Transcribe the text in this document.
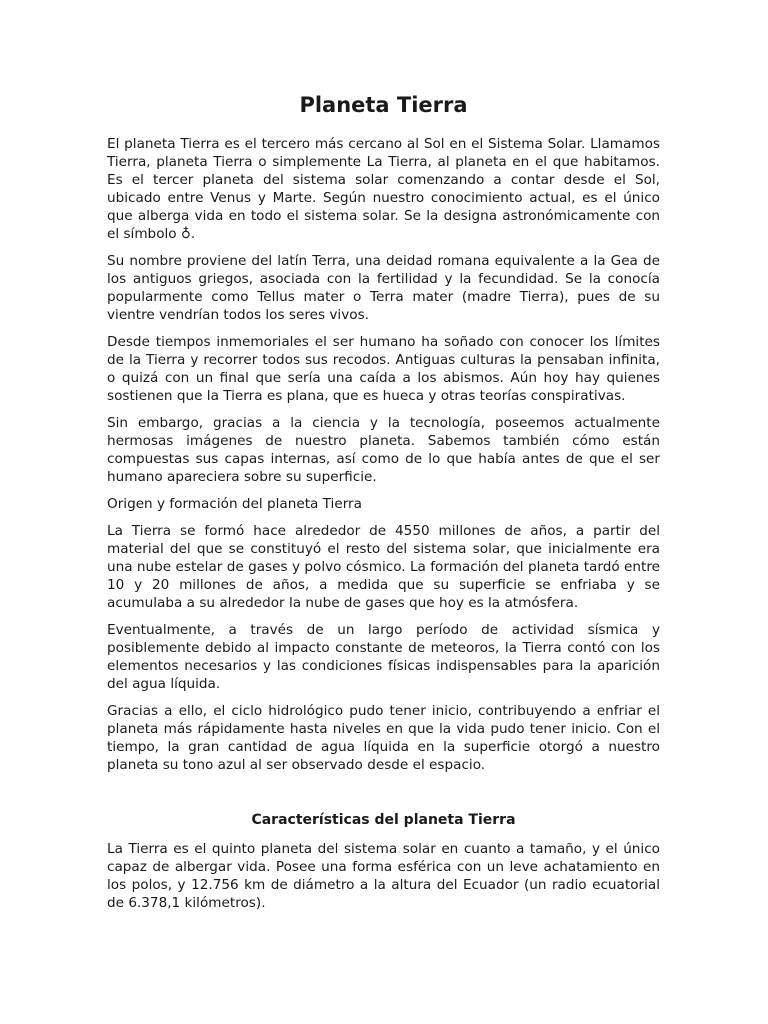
Planeta Tierra

El planeta Tierra es el tercero más cercano al Sol en el Sistema Solar. Llamamos Tierra, planeta Tierra o simplemente La Tierra, al planeta en el que habitamos. Es el tercer planeta del sistema solar comenzando a contar desde el Sol, ubicado entre Venus y Marte. Según nuestro conocimiento actual, es el único que alberga vida en todo el sistema solar. Se la designa astronómicamente con el símbolo ♁.

Su nombre proviene del latín Terra, una deidad romana equivalente a la Gea de los antiguos griegos, asociada con la fertilidad y la fecundidad. Se la conocía popularmente como Tellus mater o Terra mater (madre Tierra), pues de su vientre vendrían todos los seres vivos.

Desde tiempos inmemoriales el ser humano ha soñado con conocer los límites de la Tierra y recorrer todos sus recodos. Antiguas culturas la pensaban infinita, o quizá con un final que sería una caída a los abismos. Aún hoy hay quienes sostienen que la Tierra es plana, que es hueca y otras teorías conspirativas.

Sin embargo, gracias a la ciencia y la tecnología, poseemos actualmente hermosas imágenes de nuestro planeta. Sabemos también cómo están compuestas sus capas internas, así como de lo que había antes de que el ser humano apareciera sobre su superficie.

Origen y formación del planeta Tierra

La Tierra se formó hace alrededor de 4550 millones de años, a partir del material del que se constituyó el resto del sistema solar, que inicialmente era una nube estelar de gases y polvo cósmico. La formación del planeta tardó entre 10 y 20 millones de años, a medida que su superficie se enfriaba y se acumulaba a su alrededor la nube de gases que hoy es la atmósfera.

Eventualmente, a través de un largo período de actividad sísmica y posiblemente debido al impacto constante de meteoros, la Tierra contó con los elementos necesarios y las condiciones físicas indispensables para la aparición del agua líquida.

Gracias a ello, el ciclo hidrológico pudo tener inicio, contribuyendo a enfriar el planeta más rápidamente hasta niveles en que la vida pudo tener inicio. Con el tiempo, la gran cantidad de agua líquida en la superficie otorgó a nuestro planeta su tono azul al ser observado desde el espacio.

Características del planeta Tierra

La Tierra es el quinto planeta del sistema solar en cuanto a tamaño, y el único capaz de albergar vida. Posee una forma esférica con un leve achatamiento en los polos, y 12.756 km de diámetro a la altura del Ecuador (un radio ecuatorial de 6.378,1 kilómetros).
